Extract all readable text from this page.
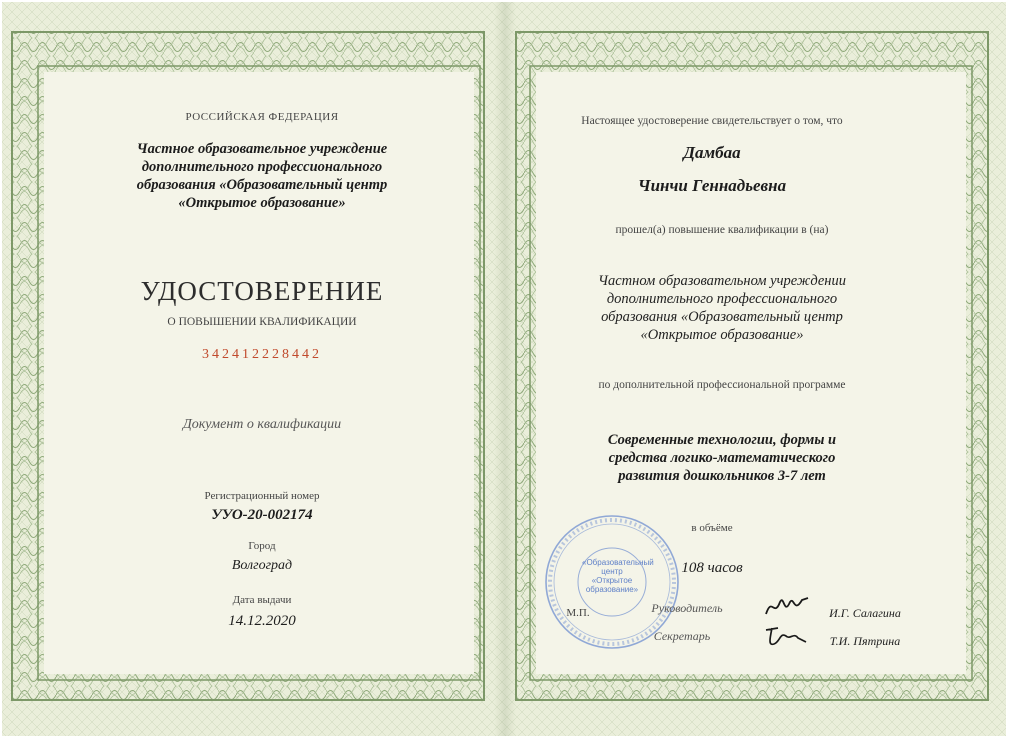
РОССИЙСКАЯ ФЕДЕРАЦИЯ
Частное образовательное учреждение
дополнительного профессионального
образования «Образовательный центр
«Открытое образование»
УДОСТОВЕРЕНИЕ
О ПОВЫШЕНИИ КВАЛИФИКАЦИИ
342412228442
Документ о квалификации
Регистрационный номер
УУО-20-002174
Город
Волгоград
Дата выдачи
14.12.2020
Настоящее удостоверение свидетельствует о том, что
Дамбаа
Чинчи Геннадьевна
прошел(а) повышение квалификации в (на)
Частном образовательном учреждении
дополнительного профессионального
образования «Образовательный центр
«Открытое образование»
по дополнительной профессиональной программе
Современные технологии, формы и
средства логико-математического
развития дошкольников 3-7 лет
в объёме
108 часов
«Образовательный
центр
«Открытое
образование»
М.П.	Руководитель
Секретарь
И.Г. Салагина
Т.И. Пятрина
